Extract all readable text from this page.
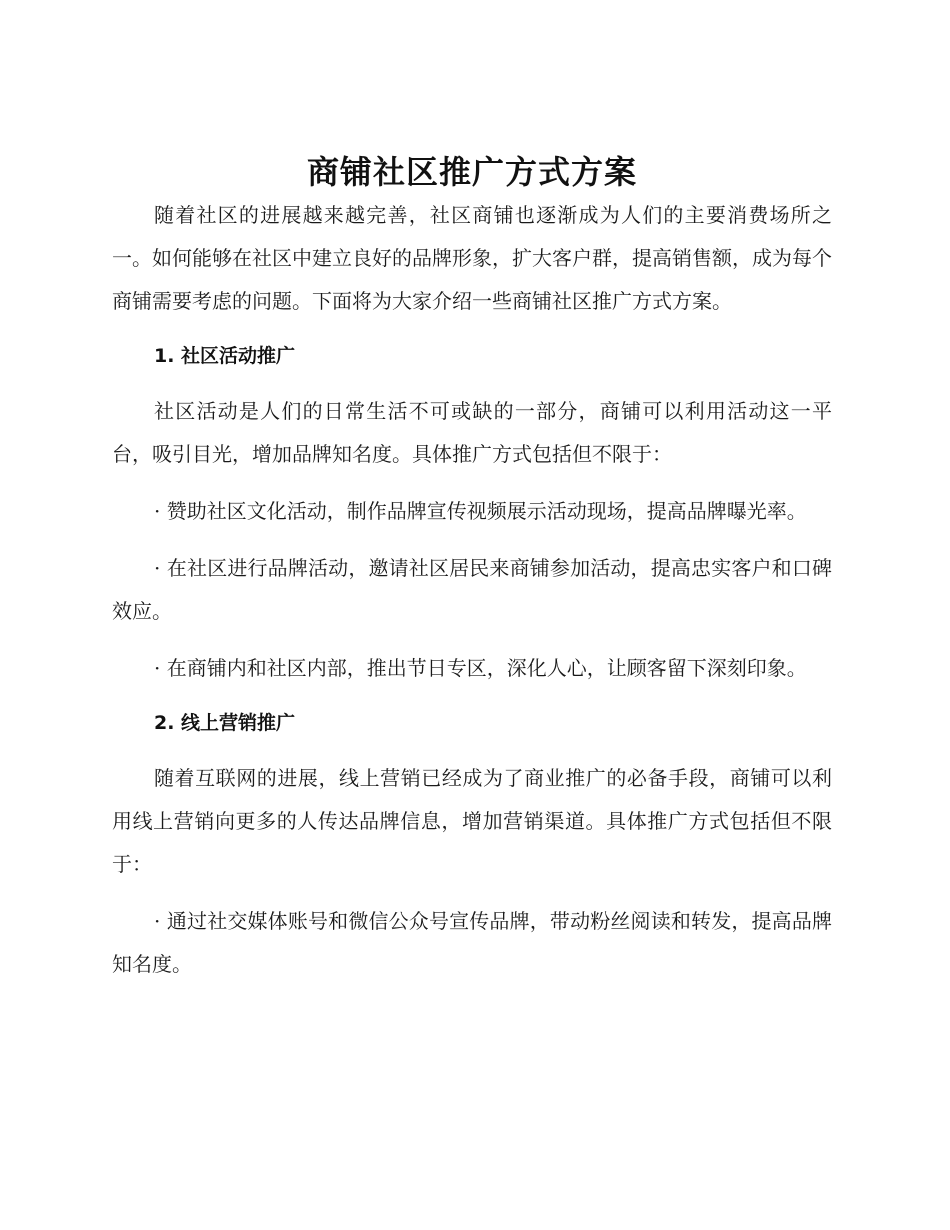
商铺社区推广方式方案

随着社区的进展越来越完善，社区商铺也逐渐成为人们的主要消费场所之一。如何能够在社区中建立良好的品牌形象，扩大客户群，提高销售额，成为每个商铺需要考虑的问题。下面将为大家介绍一些商铺社区推广方式方案。

1. 社区活动推广

社区活动是人们的日常生活不可或缺的一部分，商铺可以利用活动这一平台，吸引目光，增加品牌知名度。具体推广方式包括但不限于：

· 赞助社区文化活动，制作品牌宣传视频展示活动现场，提高品牌曝光率。

· 在社区进行品牌活动，邀请社区居民来商铺参加活动，提高忠实客户和口碑效应。

· 在商铺内和社区内部，推出节日专区，深化人心，让顾客留下深刻印象。

2. 线上营销推广

随着互联网的进展，线上营销已经成为了商业推广的必备手段，商铺可以利用线上营销向更多的人传达品牌信息，增加营销渠道。具体推广方式包括但不限于：

· 通过社交媒体账号和微信公众号宣传品牌，带动粉丝阅读和转发，提高品牌知名度。
